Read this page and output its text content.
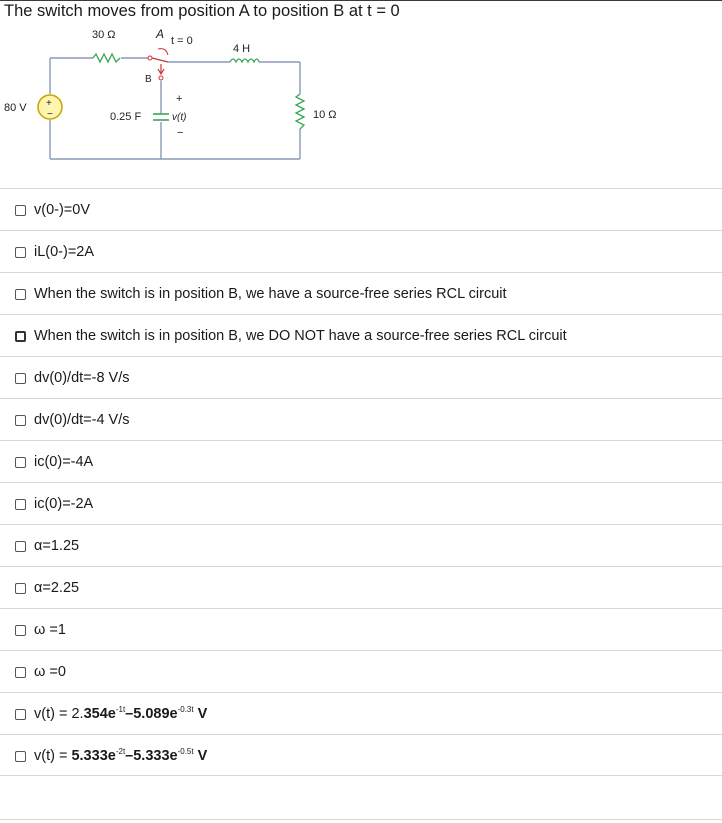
The switch moves from position A to position B at t = 0
30 Ω	A t = 0
4 H
B
+
80 V +
−	0.25 F	v(t)	10 Ω
−
v(0-)=0V
iL(0-)=2A
When the switch is in position B, we have a source-free series RCL circuit
When the switch is in position B, we DO NOT have a source-free series RCL circuit
dv(0)/dt=-8 V/s
dv(0)/dt=-4 V/s
ic(0)=-4A
ic(0)=-2A
α=1.25
α=2.25
ω =1
ω =0
$v(t) = 2.354e^{-1t}-5.089e^{-0.3t}$ V
$v(t) = 5.333e^{-2t}-5.333e^{-0.5t}$ V
